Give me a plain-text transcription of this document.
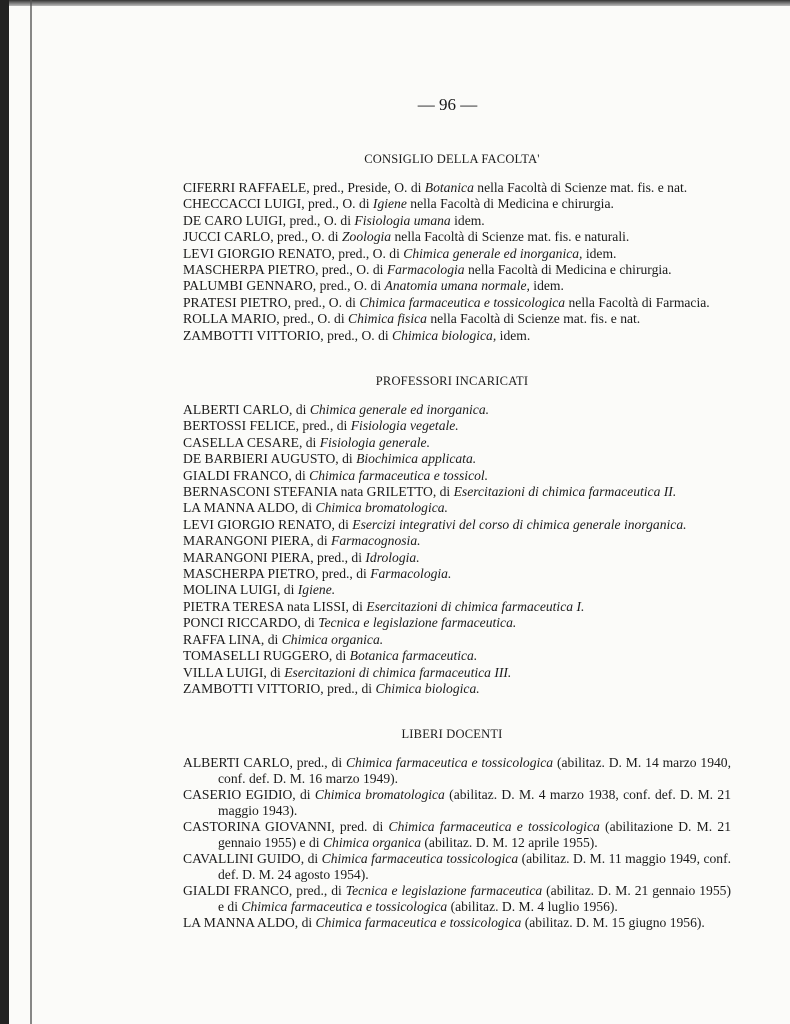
— 96 —
CONSIGLIO DELLA FACOLTA'
CIFERRI RAFFAELE, pred., Preside, O. di Botanica nella Facoltà di Scienze mat. fis. e nat.
CHECCACCI LUIGI, pred., O. di Igiene nella Facoltà di Medicina e chirurgia.
DE CARO LUIGI, pred., O. di Fisiologia umana idem.
JUCCI CARLO, pred., O. di Zoologia nella Facoltà di Scienze mat. fis. e naturali.
LEVI GIORGIO RENATO, pred., O. di Chimica generale ed inorganica, idem.
MASCHERPA PIETRO, pred., O. di Farmacologia nella Facoltà di Medicina e chirurgia.
PALUMBI GENNARO, pred., O. di Anatomia umana normale, idem.
PRATESI PIETRO, pred., O. di Chimica farmaceutica e tossicologica nella Facoltà di Farmacia.
ROLLA MARIO, pred., O. di Chimica fisica nella Facoltà di Scienze mat. fis. e nat.
ZAMBOTTI VITTORIO, pred., O. di Chimica biologica, idem.
PROFESSORI INCARICATI
ALBERTI CARLO, di Chimica generale ed inorganica.
BERTOSSI FELICE, pred., di Fisiologia vegetale.
CASELLA CESARE, di Fisiologia generale.
DE BARBIERI AUGUSTO, di Biochimica applicata.
GIALDI FRANCO, di Chimica farmaceutica e tossicol.
BERNASCONI STEFANIA nata GRILETTO, di Esercitazioni di chimica farmaceutica II.
LA MANNA ALDO, di Chimica bromatologica.
LEVI GIORGIO RENATO, di Esercizi integrativi del corso di chimica generale inorganica.
MARANGONI PIERA, di Farmacognosia.
MARANGONI PIERA, pred., di Idrologia.
MASCHERPA PIETRO, pred., di Farmacologia.
MOLINA LUIGI, di Igiene.
PIETRA TERESA nata LISSI, di Esercitazioni di chimica farmaceutica I.
PONCI RICCARDO, di Tecnica e legislazione farmaceutica.
RAFFA LINA, di Chimica organica.
TOMASELLI RUGGERO, di Botanica farmaceutica.
VILLA LUIGI, di Esercitazioni di chimica farmaceutica III.
ZAMBOTTI VITTORIO, pred., di Chimica biologica.
LIBERI DOCENTI
ALBERTI CARLO, pred., di Chimica farmaceutica e tossicologica (abilitaz. D. M. 14 marzo 1940, conf. def. D. M. 16 marzo 1949).
CASERIO EGIDIO, di Chimica bromatologica (abilitaz. D. M. 4 marzo 1938, conf. def. D. M. 21 maggio 1943).
CASTORINA GIOVANNI, pred. di Chimica farmaceutica e tossicologica (abilitazione D. M. 21 gennaio 1955) e di Chimica organica (abilitaz. D. M. 12 aprile 1955).
CAVALLINI GUIDO, di Chimica farmaceutica tossicologica (abilitaz. D. M. 11 maggio 1949, conf. def. D. M. 24 agosto 1954).
GIALDI FRANCO, pred., di Tecnica e legislazione farmaceutica (abilitaz. D. M. 21 gennaio 1955) e di Chimica farmaceutica e tossicologica (abilitaz. D. M. 4 luglio 1956).
LA MANNA ALDO, di Chimica farmaceutica e tossicologica (abilitaz. D. M. 15 giugno 1956).
